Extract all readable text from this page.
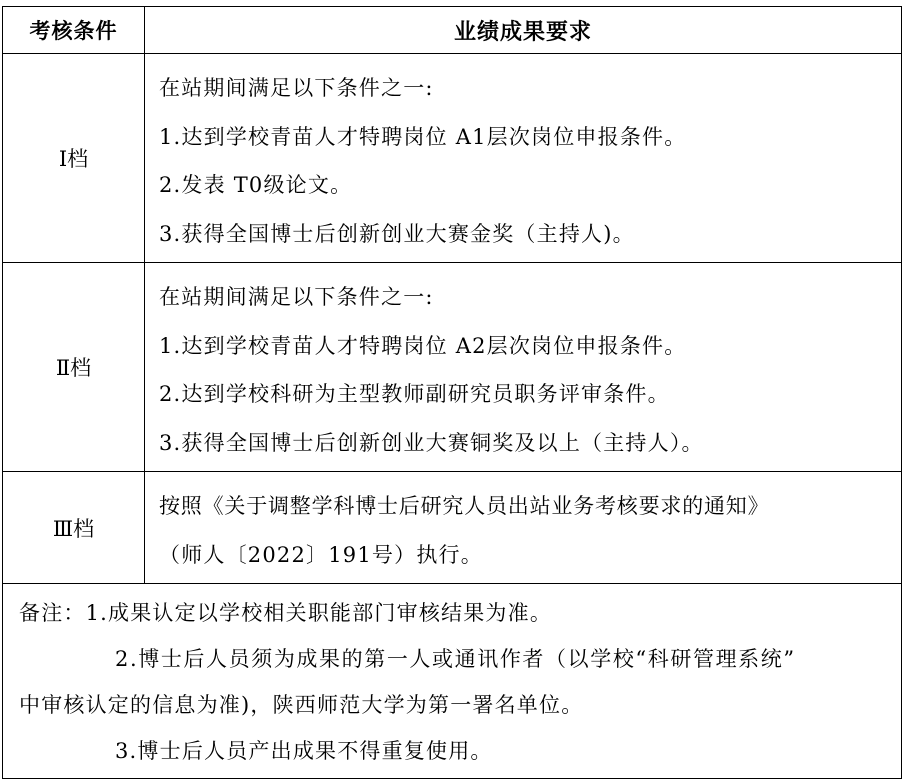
考核条件	业绩成果要求
Ⅰ档	在站期间满足以下条件之一:
1.达到学校青苗人才特聘岗位 A1层次岗位申报条件。
2.发表 T0级论文。
3.获得全国博士后创新创业大赛金奖（主持人)。

Ⅱ档	在站期间满足以下条件之一:
1.达到学校青苗人才特聘岗位 A2层次岗位申报条件。
2.达到学校科研为主型教师副研究员职务评审条件。
3.获得全国博士后创新创业大赛铜奖及以上（主持人）。

Ⅲ档	按照《关于调整学科博士后研究人员出站业务考核要求的通知》
（师人〔2022〕191号）执行。

备注：1.成果认定以学校相关职能部门审核结果为准。
2.博士后人员须为成果的第一人或通讯作者（以学校“科研管理系统”
中审核认定的信息为准)，陕西师范大学为第一署名单位。
3.博士后人员产出成果不得重复使用。	
